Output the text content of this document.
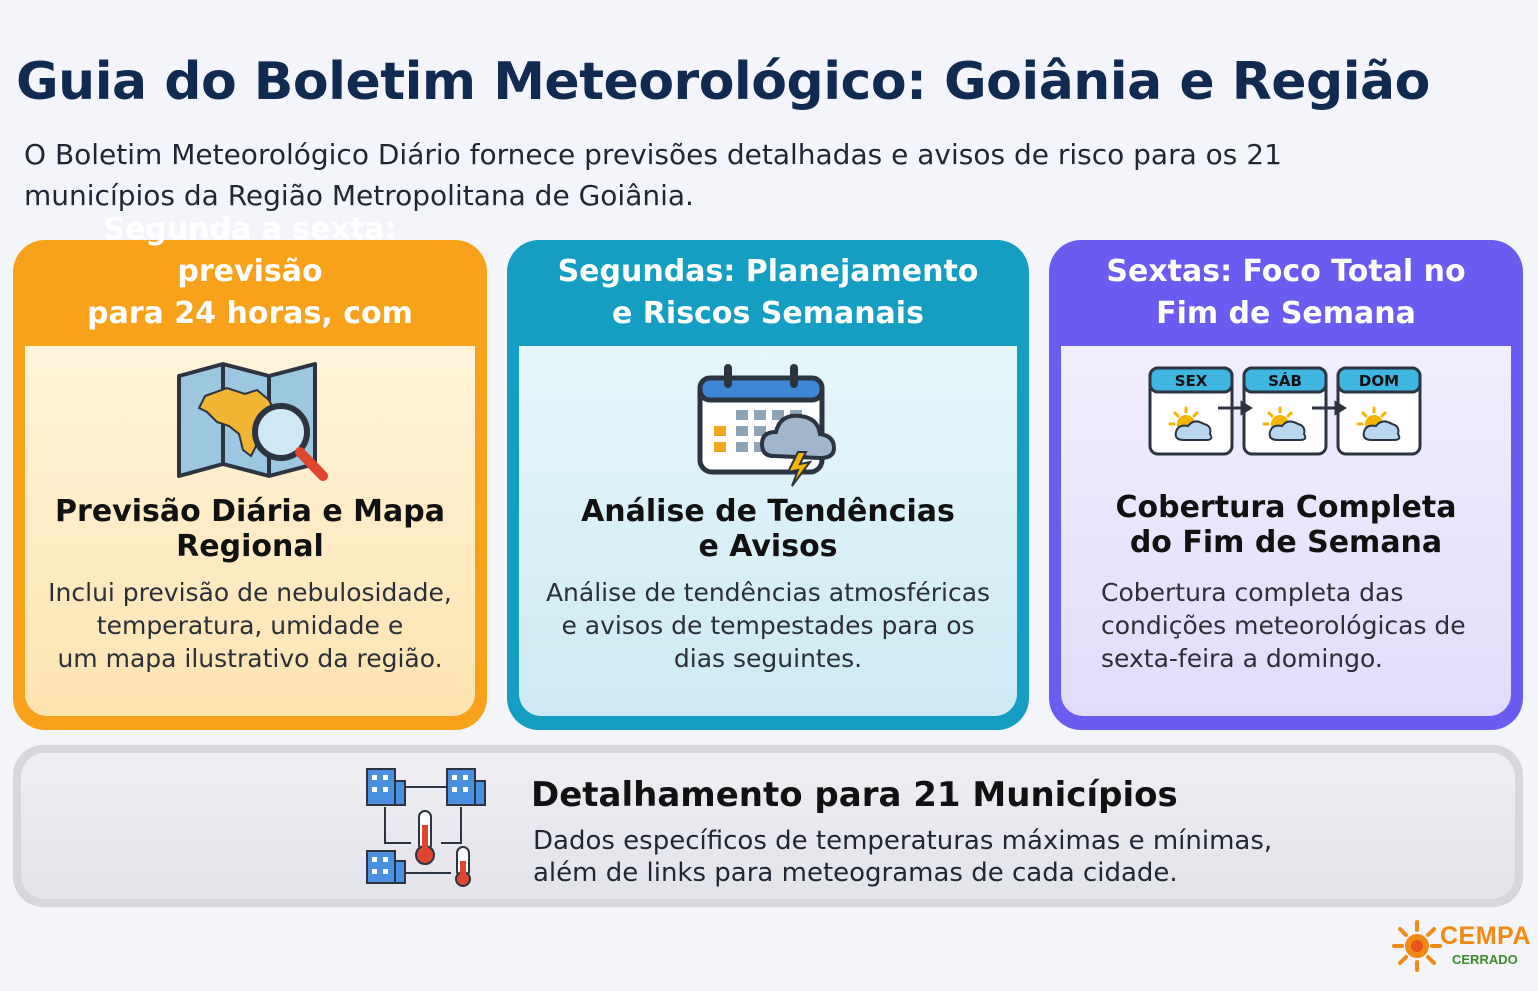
Guia do Boletim Meteorológico: Goiânia e Região
O Boletim Meteorológico Diário fornece previsões detalhadas e avisos de risco para os 21
municípios da Região Metropolitana de Goiânia.
Segunda a sexta: previsão
para 24 horas, com
Previsão Diária e Mapa
Regional
Inclui previsão de nebulosidade,
temperatura, umidade e
um mapa ilustrativo da região.
Segundas: Planejamento
e Riscos Semanais
Análise de Tendências
e Avisos
Análise de tendências atmosféricas
e avisos de tempestades para os
dias seguintes.
Sextas: Foco Total no
Fim de Semana
SEX	SÁB	DOM
Cobertura Completa
do Fim de Semana
Cobertura completa das
condições meteorológicas de
sexta-feira a domingo.
Detalhamento para 21 Municípios
Dados específicos de temperaturas máximas e mínimas,
além de links para meteogramas de cada cidade.
CEMPA
CERRADO
